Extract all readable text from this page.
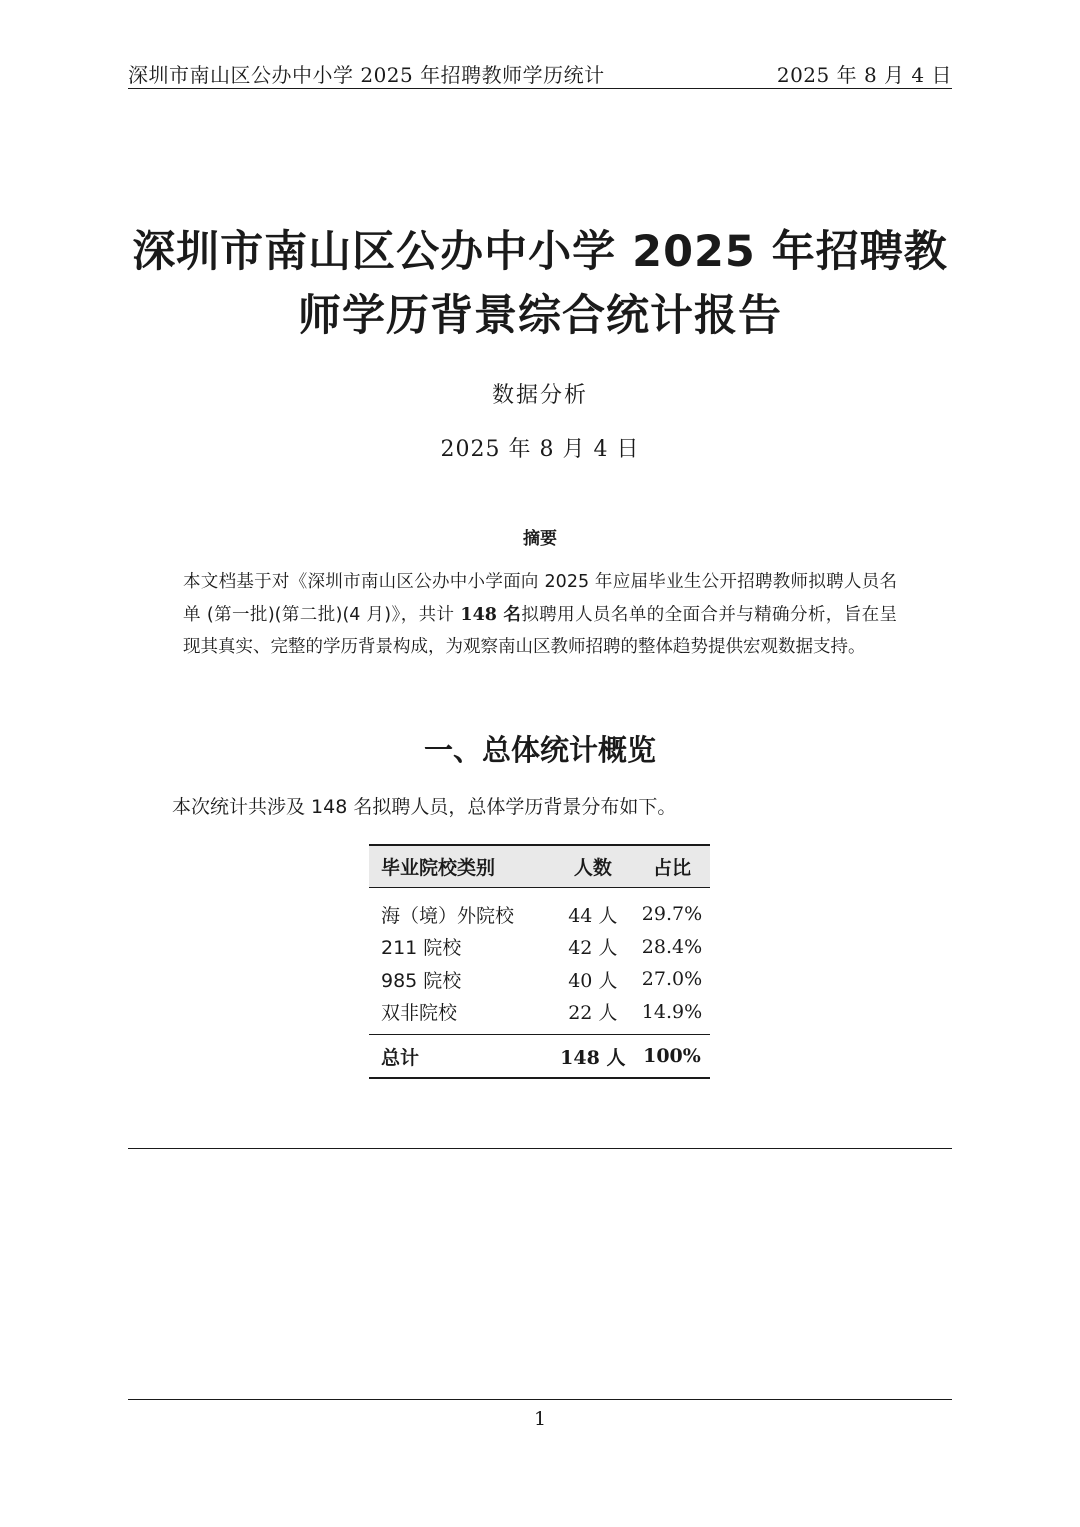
深圳市南山区公办中小学 2025 年招聘教师学历统计	2025 年 8 月 4 日
深圳市南山区公办中小学 2025 年招聘教
师学历背景综合统计报告
数据分析
2025 年 8 月 4 日
摘要
本文档基于对《深圳市南山区公办中小学面向 2025 年应届毕业生公开招聘教师拟聘人员名单 (第一批)(第二批)(4 月)》，共计 148 名拟聘用人员名单的全面合并与精确分析，旨在呈现其真实、完整的学历背景构成，为观察南山区教师招聘的整体趋势提供宏观数据支持。
一、总体统计概览
本次统计共涉及 148 名拟聘人员，总体学历背景分布如下。
毕业院校类别	人数	占比
海（境）外院校	44 人	29.7%
211 院校	42 人	28.4%
985 院校	40 人	27.0%
双非院校	22 人	14.9%
总计	148 人	100%
1
